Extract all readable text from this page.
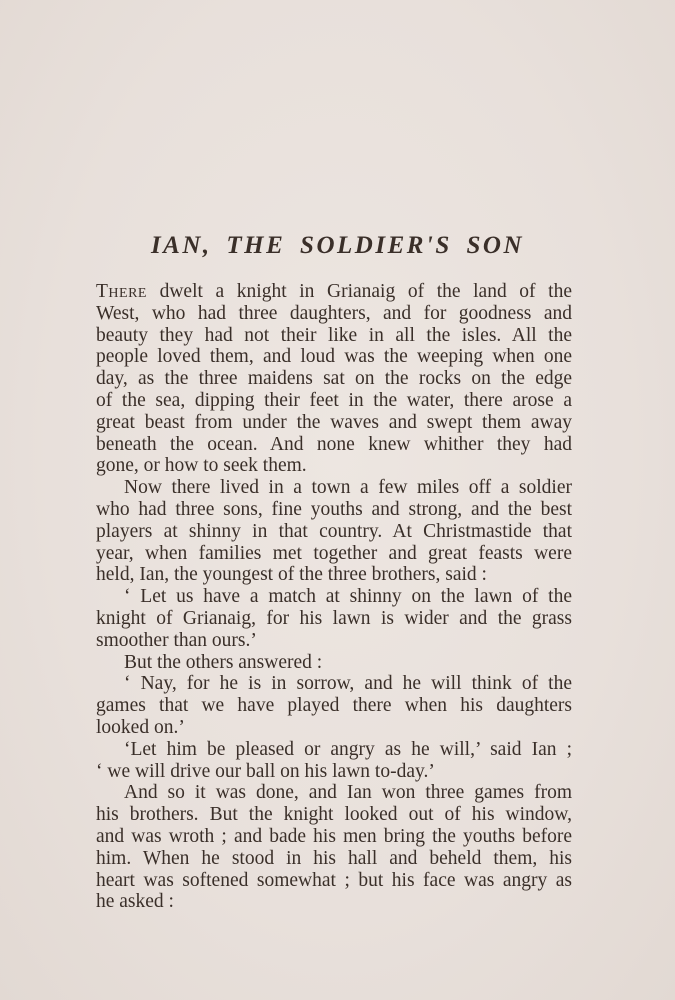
IAN, THE SOLDIER'S SON
There dwelt a knight in Grianaig of the land of the
West, who had three daughters, and for goodness and
beauty they had not their like in all the isles. All the
people loved them, and loud was the weeping when one
day, as the three maidens sat on the rocks on the edge
of the sea, dipping their feet in the water, there arose a
great beast from under the waves and swept them away
beneath the ocean. And none knew whither they had
gone, or how to seek them.
Now there lived in a town a few miles off a soldier
who had three sons, fine youths and strong, and the best
players at shinny in that country. At Christmastide that
year, when families met together and great feasts were
held, Ian, the youngest of the three brothers, said :
‘ Let us have a match at shinny on the lawn of the
knight of Grianaig, for his lawn is wider and the grass
smoother than ours.’
But the others answered :
‘ Nay, for he is in sorrow, and he will think of the
games that we have played there when his daughters
looked on.’
‘Let him be pleased or angry as he will,’ said Ian ;
‘ we will drive our ball on his lawn to-day.’
And so it was done, and Ian won three games from
his brothers. But the knight looked out of his window,
and was wroth ; and bade his men bring the youths before
him. When he stood in his hall and beheld them, his
heart was softened somewhat ; but his face was angry as
he asked :
